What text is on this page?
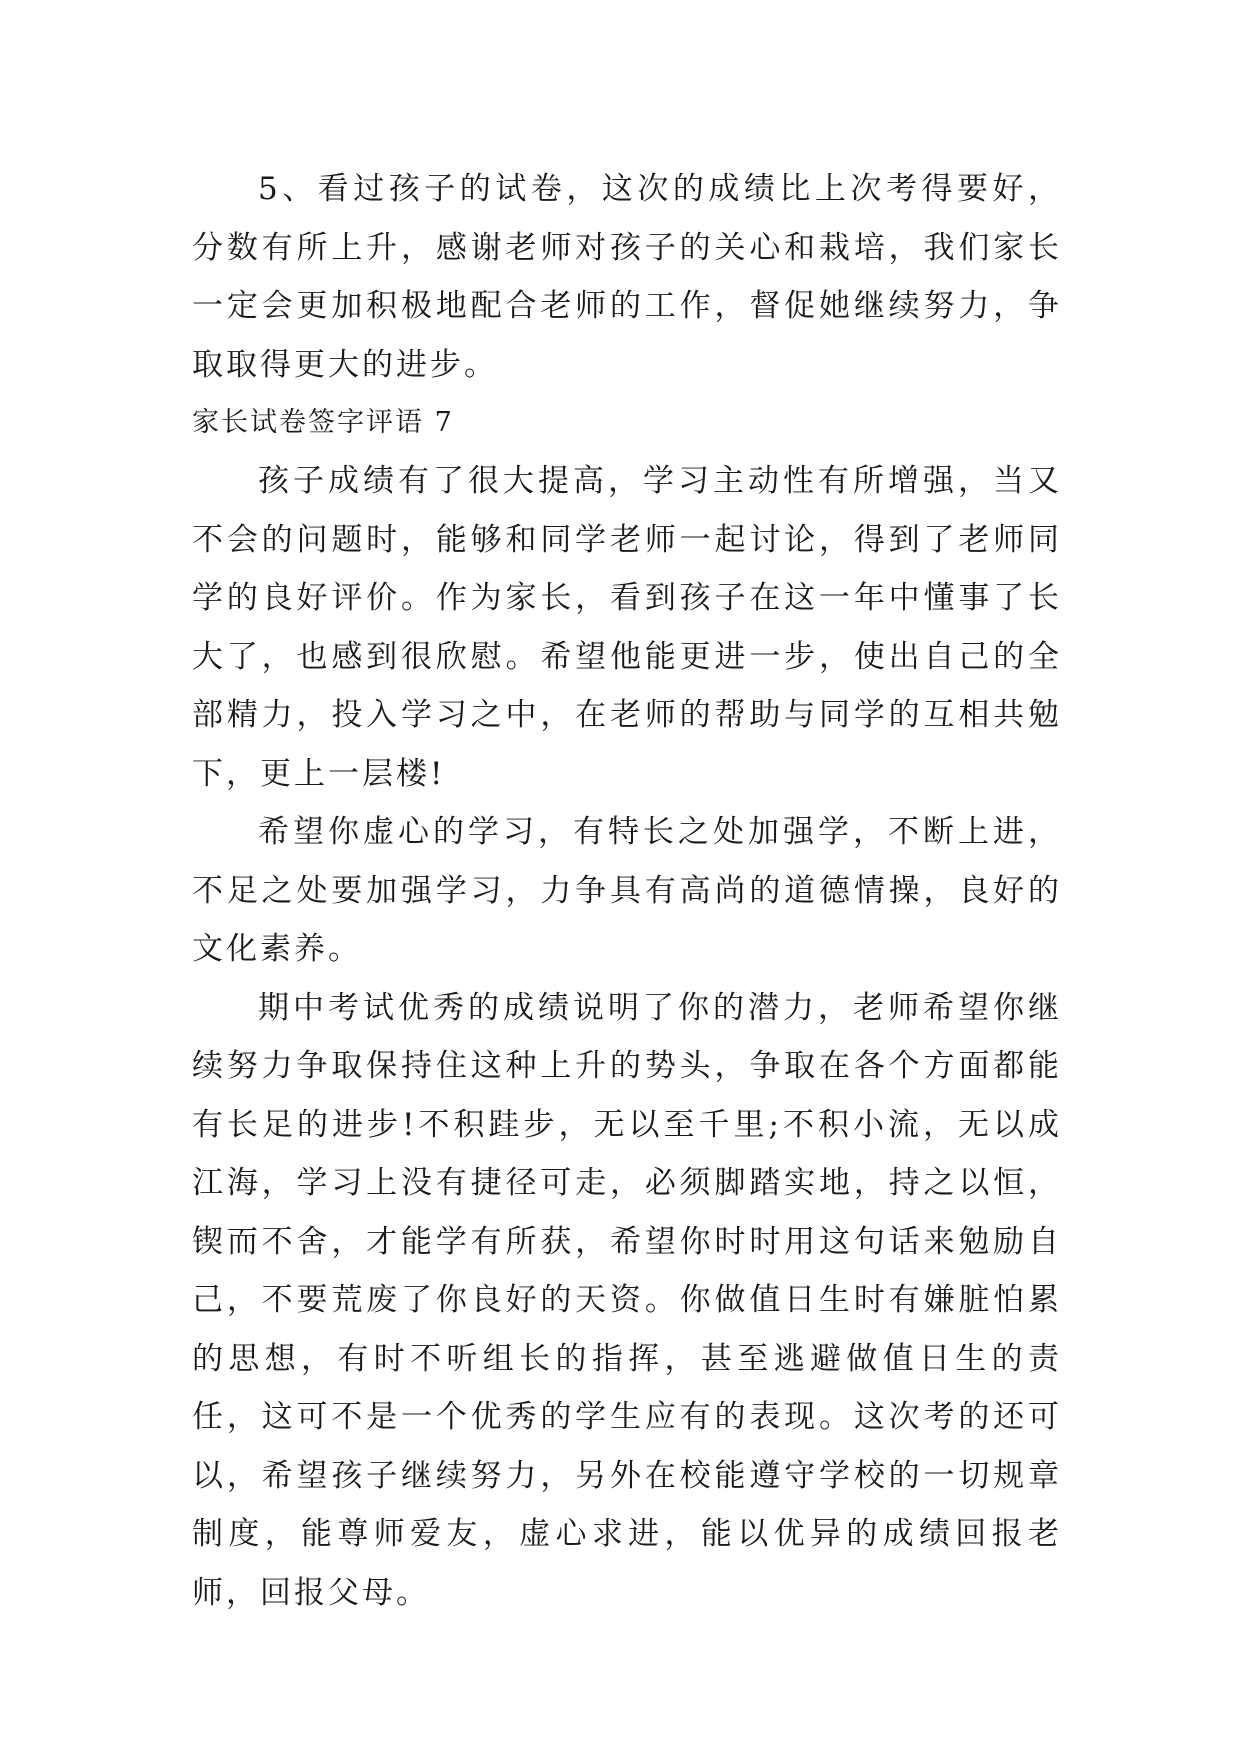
5、看过孩子的试卷，这次的成绩比上次考得要好，分数有所上升，感谢老师对孩子的关心和栽培，我们家长一定会更加积极地配合老师的工作，督促她继续努力，争取取得更大的进步。

家长试卷签字评语 7

孩子成绩有了很大提高，学习主动性有所增强，当又不会的问题时，能够和同学老师一起讨论，得到了老师同学的良好评价。作为家长，看到孩子在这一年中懂事了长大了，也感到很欣慰。希望他能更进一步，使出自己的全部精力，投入学习之中，在老师的帮助与同学的互相共勉下，更上一层楼!

希望你虚心的学习，有特长之处加强学，不断上进，不足之处要加强学习，力争具有高尚的道德情操，良好的文化素养。

期中考试优秀的成绩说明了你的潜力，老师希望你继续努力争取保持住这种上升的势头，争取在各个方面都能有长足的进步!不积跬步，无以至千里;不积小流，无以成江海，学习上没有捷径可走，必须脚踏实地，持之以恒，锲而不舍，才能学有所获，希望你时时用这句话来勉励自己，不要荒废了你良好的天资。你做值日生时有嫌脏怕累的思想，有时不听组长的指挥，甚至逃避做值日生的责任，这可不是一个优秀的学生应有的表现。这次考的还可以，希望孩子继续努力，另外在校能遵守学校的一切规章制度，能尊师爱友，虚心求进，能以优异的成绩回报老师，回报父母。
